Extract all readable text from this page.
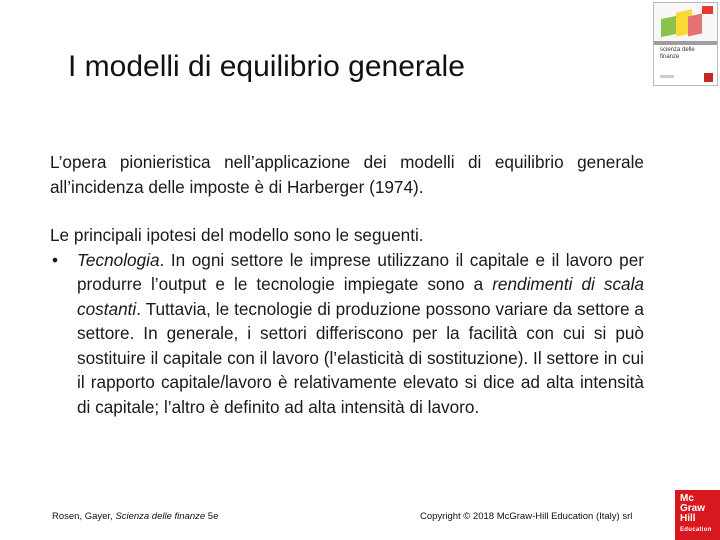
I modelli di equilibrio generale	scienza delle finanze

L’opera pionieristica nell’applicazione dei modelli di equilibrio generale all’incidenza delle imposte è di Harberger (1974).

Le principali ipotesi del modello sono le seguenti.

• Tecnologia. In ogni settore le imprese utilizzano il capitale e il lavoro per produrre l’output e le tecnologie impiegate sono a rendimenti di scala costanti. Tuttavia, le tecnologie di produzione possono variare da settore a settore. In generale, i settori differiscono per la facilità con cui si può sostituire il capitale con il lavoro (l’elasticità di sostituzione). Il settore in cui il rapporto capitale/lavoro è relativamente elevato si dice ad alta intensità di capitale; l’altro è definito ad alta intensità di lavoro.
Rosen, Gayer, Scienza delle finanze 5e	Copyright © 2018 McGraw-Hill Education (Italy) srl
Mc
Graw
Hill
Education
